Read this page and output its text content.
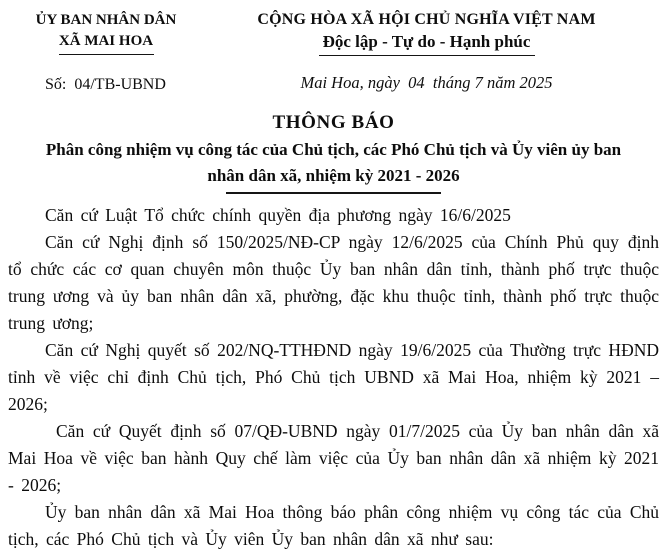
ỦY BAN NHÂN DÂN
XÃ MAI HOA
Số:  04/TB-UBND
CỘNG HÒA XÃ HỘI CHỦ NGHĨA VIỆT NAM
Độc lập - Tự do - Hạnh phúc
Mai Hoa, ngày  04  tháng 7 năm 2025
THÔNG BÁO
Phân công nhiệm vụ công tác của Chủ tịch, các Phó Chủ tịch và Ủy viên ủy ban nhân dân xã, nhiệm kỳ 2021 - 2026

Căn cứ Luật Tổ chức chính quyền địa phương ngày 16/6/2025

Căn cứ Nghị định số 150/2025/NĐ-CP ngày 12/6/2025 của Chính Phủ quy định tổ chức các cơ quan chuyên môn thuộc Ủy ban nhân dân tỉnh, thành phố trực thuộc trung ương và ủy ban nhân dân xã, phường, đặc khu thuộc tỉnh, thành phố trực thuộc trung ương;

Căn cứ Nghị quyết số 202/NQ-TTHĐND ngày 19/6/2025 của Thường trực HĐND tỉnh về việc chỉ định Chủ tịch, Phó Chủ tịch UBND xã Mai Hoa, nhiệm kỳ 2021 – 2026;

Căn cứ Quyết định số 07/QĐ-UBND ngày 01/7/2025 của Ủy ban nhân dân xã Mai Hoa về việc ban hành Quy chế làm việc của Ủy ban nhân dân xã nhiệm kỳ 2021 - 2026;

Ủy ban nhân dân xã Mai Hoa thông báo phân công nhiệm vụ công tác của Chủ tịch, các Phó Chủ tịch và Ủy viên Ủy ban nhân dân xã như sau:
